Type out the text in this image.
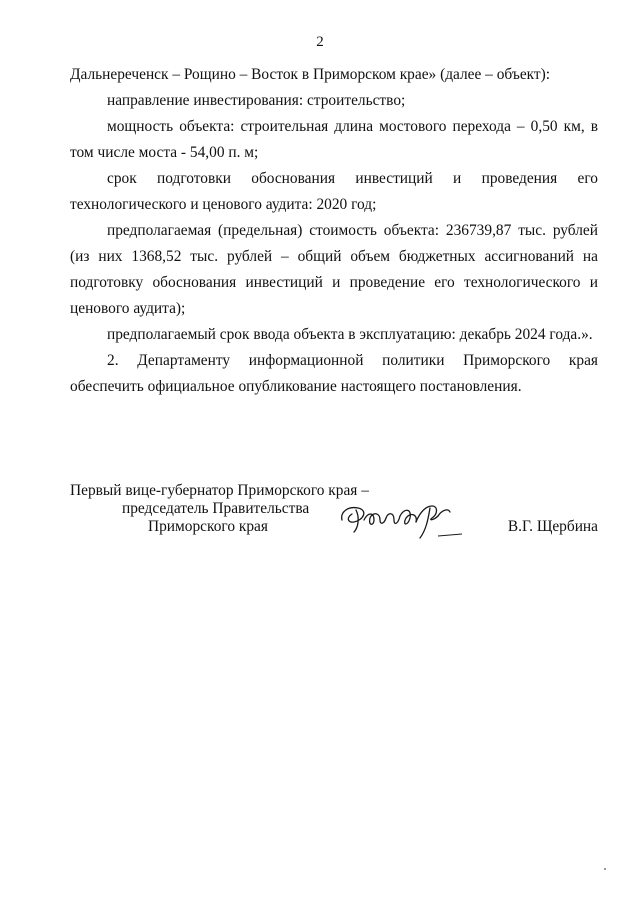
2

Дальнереченск – Рощино – Восток в Приморском крае» (далее – объект):

направление инвестирования: строительство;

мощность объекта: строительная длина мостового перехода – 0,50 км, в том числе моста - 54,00 п. м;

срок подготовки обоснования инвестиций и проведения его технологического и ценового аудита: 2020 год;

предполагаемая (предельная) стоимость объекта: 236739,87 тыс. рублей (из них 1368,52 тыс. рублей – общий объем бюджетных ассигнований на подготовку обоснования инвестиций и проведение его технологического и ценового аудита);

предполагаемый срок ввода объекта в эксплуатацию: декабрь 2024 года.».

2. Департаменту информационной политики Приморского края обеспечить официальное опубликование настоящего постановления.

Первый вице-губернатор Приморского края –
председатель Правительства
Приморского края	В.Г. Щербина
